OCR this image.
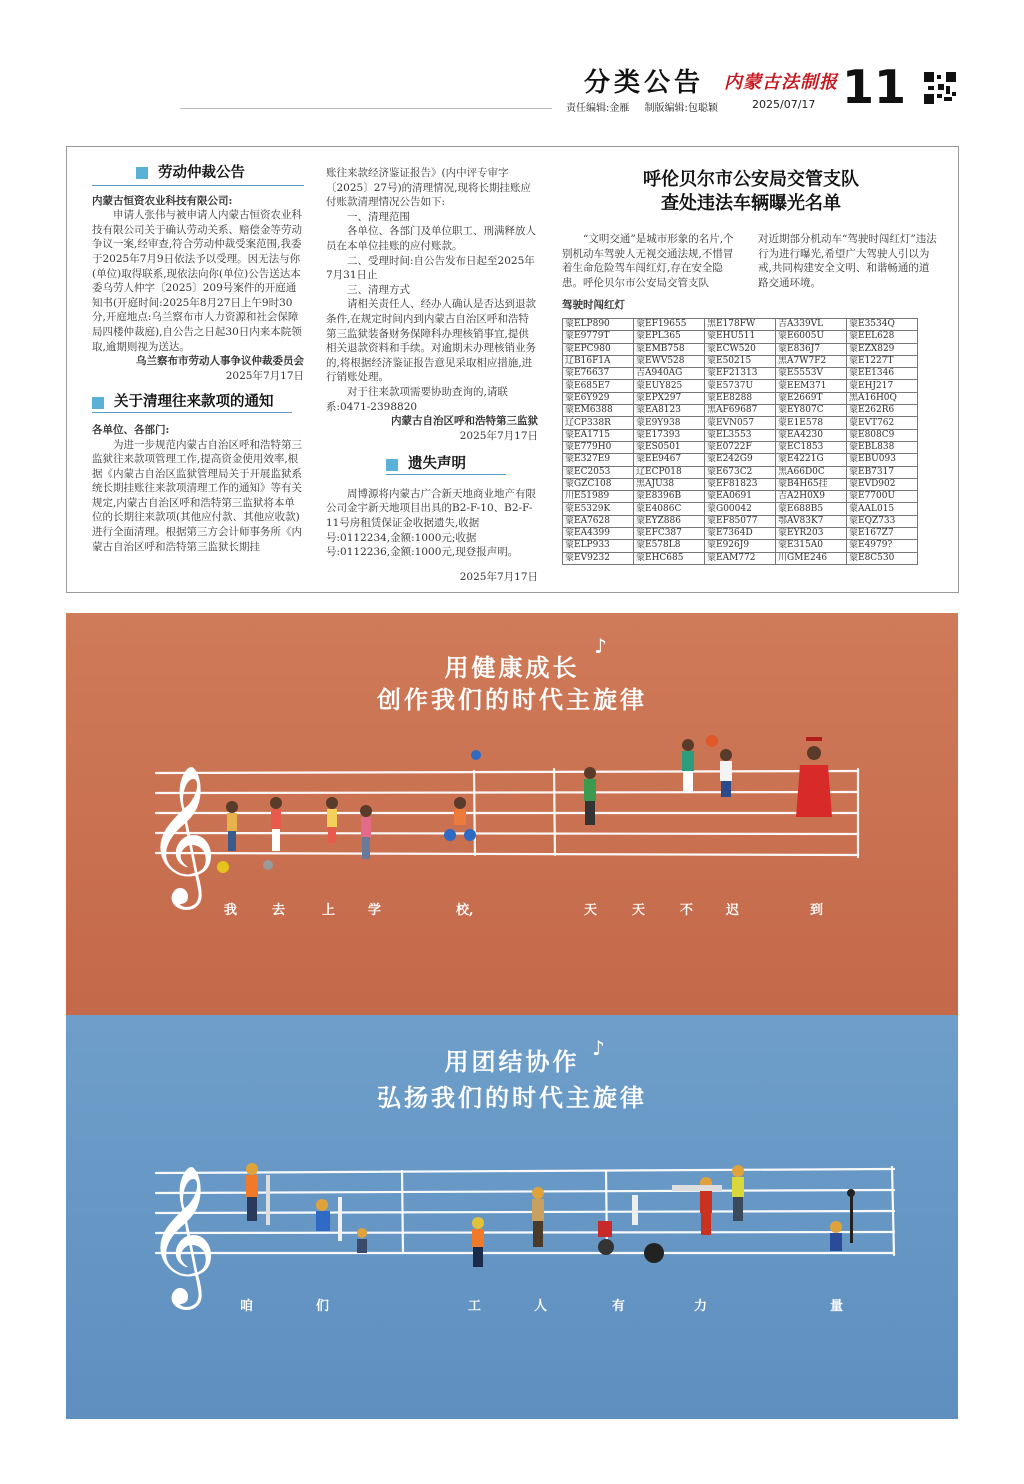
分类公告 内蒙古法制报 11
责任编辑:金雁 制版编辑:包聪颖	2025/07/17
劳动仲裁公告

内蒙古恒资农业科技有限公司:

申请人张伟与被申请人内蒙古恒资农业科技有限公司关于确认劳动关系、赔偿金等劳动争议一案,经审查,符合劳动仲裁受案范围,我委于2025年7月9日依法予以受理。因无法与你(单位)取得联系,现依法向你(单位)公告送达本委乌劳人仲字〔2025〕209号案件的开庭通知书(开庭时间:2025年8月27日上午9时30分,开庭地点:乌兰察布市人力资源和社会保障局四楼仲裁庭),自公告之日起30日内来本院领取,逾期则视为送达。

乌兰察布市劳动人事争议仲裁委员会

2025年7月17日

关于清理往来款项的通知

各单位、各部门:

为进一步规范内蒙古自治区呼和浩特第三监狱往来款项管理工作,提高资金使用效率,根据《内蒙古自治区监狱管理局关于开展监狱系统长期挂账往来款项清理工作的通知》等有关规定,内蒙古自治区呼和浩特第三监狱将本单位的长期往来款项(其他应付款、其他应收款)进行全面清理。根据第三方会计师事务所《内蒙古自治区呼和浩特第三监狱长期挂

账往来款经济鉴证报告》(内中评专审字〔2025〕27号)的清理情况,现将长期挂账应付账款清理情况公告如下:

一、清理范围

各单位、各部门及单位职工、刑满释放人员在本单位挂账的应付账款。

二、受理时间:自公告发布日起至2025年7月31日止

三、清理方式

请相关责任人、经办人确认是否达到退款条件,在规定时间内到内蒙古自治区呼和浩特第三监狱装备财务保障科办理核销事宜,提供相关退款资料和手续。对逾期未办理核销业务的,将根据经济鉴证报告意见采取相应措施,进行销账处理。

对于往来款项需要协助查询的,请联系:0471-2398820

内蒙古自治区呼和浩特第三监狱

2025年7月17日

遗失声明

周博源将内蒙古广合新天地商业地产有限公司金宇新天地项目出具的B2-F-10、B2-F-11号房租赁保证金收据遗失,收据号:0112234,金额:1000元;收据号:0112236,金额:1000元,现登报声明。

2025年7月17日

呼伦贝尔市公安局交管支队
查处违法车辆曝光名单

“文明交通”是城市形象的名片,个别机动车驾驶人无视交通法规,不惜冒着生命危险驾车闯红灯,存在安全隐患。呼伦贝尔市公安局交管支队

对近期部分机动车“驾驶时闯红灯”违法行为进行曝光,希望广大驾驶人引以为戒,共同构建安全文明、和谐畅通的道路交通环境。

驾驶时闯红灯
蒙ELP890	蒙EF19655	黑E178FW	吉A339VL	蒙E3534Q
蒙E9779T	蒙EPL365	蒙EHU511	蒙E6005U	蒙EEL628
蒙EPC980	蒙EMB758	蒙ECW520	蒙E836J7	蒙EZX829
辽B16F1A	蒙EWV528	蒙E50215	黑A7W7F2	蒙E1227T
蒙E76637	吉A940AG	蒙EF21313	蒙E5553V	蒙EE1346
蒙E685E7	蒙EUY825	蒙E5737U	蒙EEM371	蒙EHJ217
蒙E6Y929	蒙EPX297	蒙EE8288	蒙E2669T	黑A16H0Q
蒙EM6388	蒙EA8123	黑AF69687	蒙EY807C	蒙E262R6
辽CP338R	蒙E9Y938	蒙EVN057	蒙E1E578	蒙EVT762
蒙EA1715	蒙E17393	蒙EL3553	蒙EA4230	蒙E808C9
蒙E779H0	蒙ES0501	蒙E0722F	蒙EC1853	蒙EBL838
蒙E327E9	蒙EE9467	蒙E242G9	蒙E4221G	蒙EBU093
蒙EC2053	辽ECP018	蒙E673C2	黑A66D0C	蒙EB7317
蒙GZC108	黑AJU38	蒙EF81823	蒙B4H65挂	蒙EVD902
川E51989	蒙E8396B	蒙EA0691	吉A2H0X9	蒙E7700U
蒙E5329K	蒙E4086C	蒙G00042	蒙E688B5	蒙AAL015
蒙EA7628	蒙EYZ886	蒙EF85077	鄂AV83K7	蒙EQZ733
蒙EA4399	蒙EFC387	蒙E7364D	蒙EYR203	蒙E167Z7
蒙ELP933	蒙E578L8	蒙E926J9	蒙E315A0	蒙E4979?
蒙EV9232	蒙EHC685	蒙EAM772	川GME246	蒙E8C530
𝄞
♪
用健康成长
创作我们的时代主旋律
我	去	上	学	校,	天	天	不	迟	到
𝄞
♪
用团结协作
弘扬我们的时代主旋律
咱	们	工	人	有	力	量
